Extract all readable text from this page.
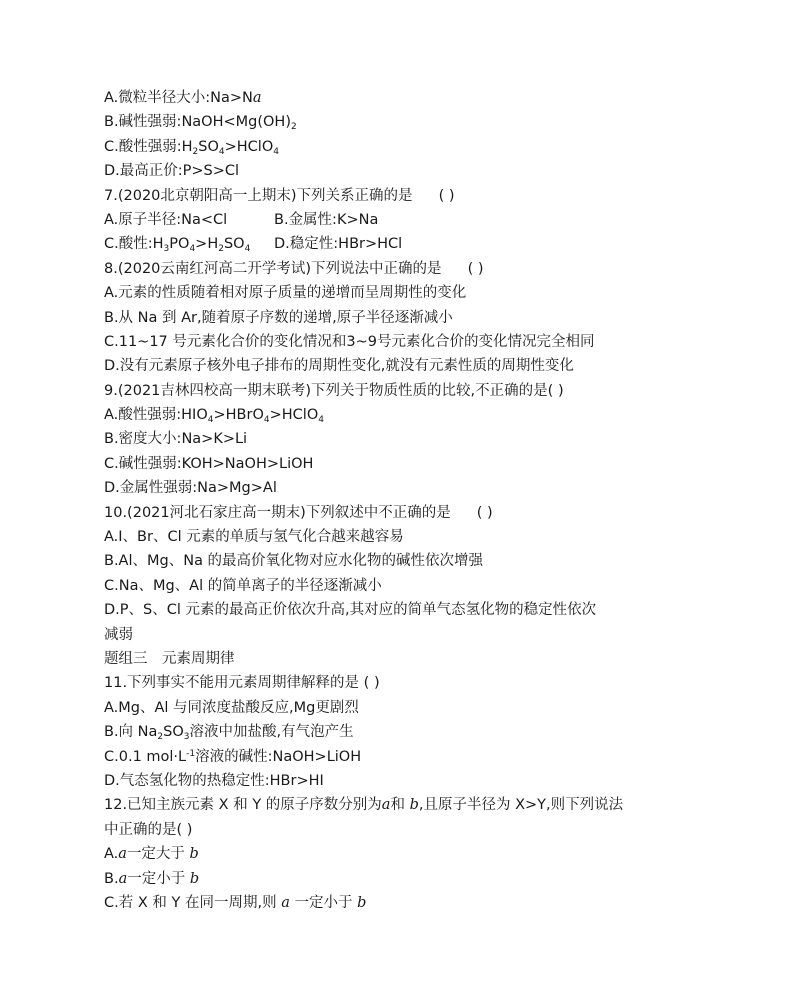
A.微粒半径大小:Na>Na
B.碱性强弱$:NaOH<Mg(OH)_2$
C.酸性强弱$:H_2SO_4>HClO_4$
D.最高正价:P>S>Cl
7.(2020北京朝阳高一上期末)下列关系正确的是 ( )
A.原子半径:Na<Cl	B.金属性:K>Na
C.酸性$:H_3PO_4>H_2SO_4$ D.稳定性:HBr>HCl
8.(2020云南红河高二开学考试)下列说法中正确的是 ( )
A.元素的性质随着相对原子质量的递增而呈周期性的变化
B.从 Na 到 Ar,随着原子序数的递增,原子半径逐渐减小
C.11~17 号元素化合价的变化情况和3~9号元素化合价的变化情况完全相同
D.没有元素原子核外电子排布的周期性变化,就没有元素性质的周期性变化
9.(2021吉林四校高一期末联考)下列关于物质性质的比较,不正确的是( )
A.酸性强弱$:HIO_4>HBrO_4>HClO_4$
B.密度大小:Na>K>Li
C.碱性强弱:KOH>NaOH>LiOH
D.金属性强弱:Na>Mg>Al
10.(2021河北石家庄高一期末)下列叙述中不正确的是 ( )
A.I、Br、Cl 元素的单质与氢气化合越来越容易
B.Al、Mg、Na 的最高价氧化物对应水化物的碱性依次增强
C.Na、Mg、Al 的简单离子的半径逐渐减小
D.P、S、Cl 元素的最高正价依次升高,其对应的简单气态氢化物的稳定性依次
减弱
题组三　元素周期律
11.下列事实不能用元素周期律解释的是 ( )
A.Mg、Al 与同浓度盐酸反应,Mg更剧烈
B.向 $Na_2SO_3$溶液中加盐酸,有气泡产生
C.0.1 $mol\cdot L^{-1}$溶液的碱性:NaOH>LiOH
D.气态氢化物的热稳定性:HBr>HI
12.已知主族元素 X 和 Y 的原子序数分别为a和 b,且原子半径为 X>Y,则下列说法
中正确的是( )
A.a一定大于 b
B.a一定小于 b
C.若 X 和 Y 在同一周期,则 a 一定小于 b
